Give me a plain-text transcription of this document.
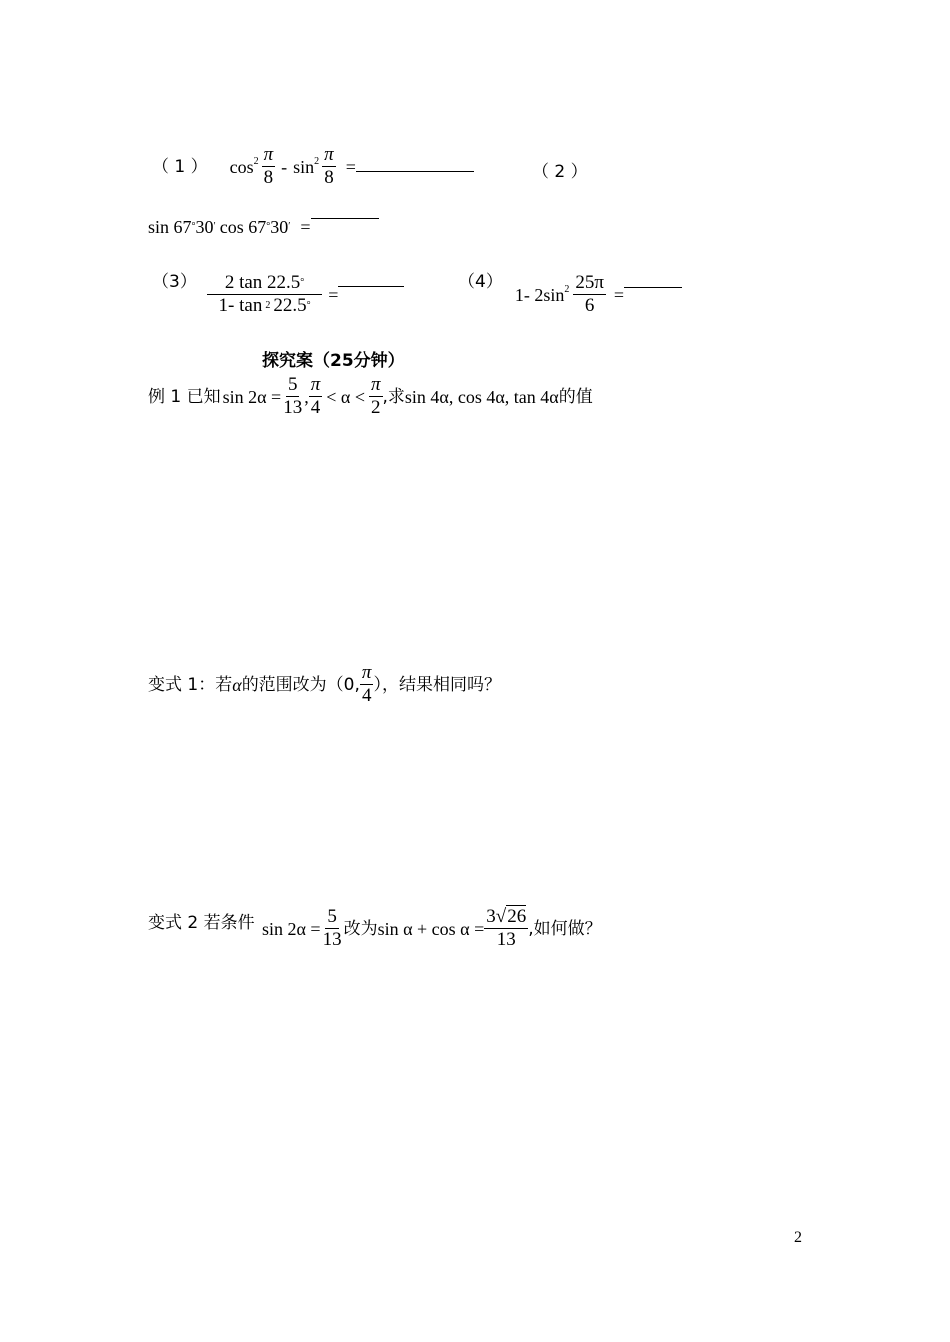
（ 1 ） $\cos 2 \frac{\pi}{8}$ - $\sin 2 \frac{\pi}{8}$ =	（ 2 ）
sin 67 ° 30 ′ cos 67 ° 30 ′ =
$(3) \frac{2 \tan 22.5^\circ}{1- \tan ^2 22.5^\circ}$ =
（4）
1- 2sin $2 \frac{25\pi}{6}$ =
探究案（25分钟）
例 1 已知 $\sin 2\alpha = \frac{5}{13}$ , $\frac{\pi}{4} < \alpha < \frac{\pi}{2}$ ,求 sin 4α, cos 4α, tan 4α 的值
变式 1：若 α 的范围改为（0, $\frac{\pi}{4}$ ），结果相同吗？
变式 2 若条件 $\sin 2\alpha = \frac{5}{13}$ 改为 $\sin \alpha + \cos \alpha = \frac{3√26}{13}$ ,如何做？
2
